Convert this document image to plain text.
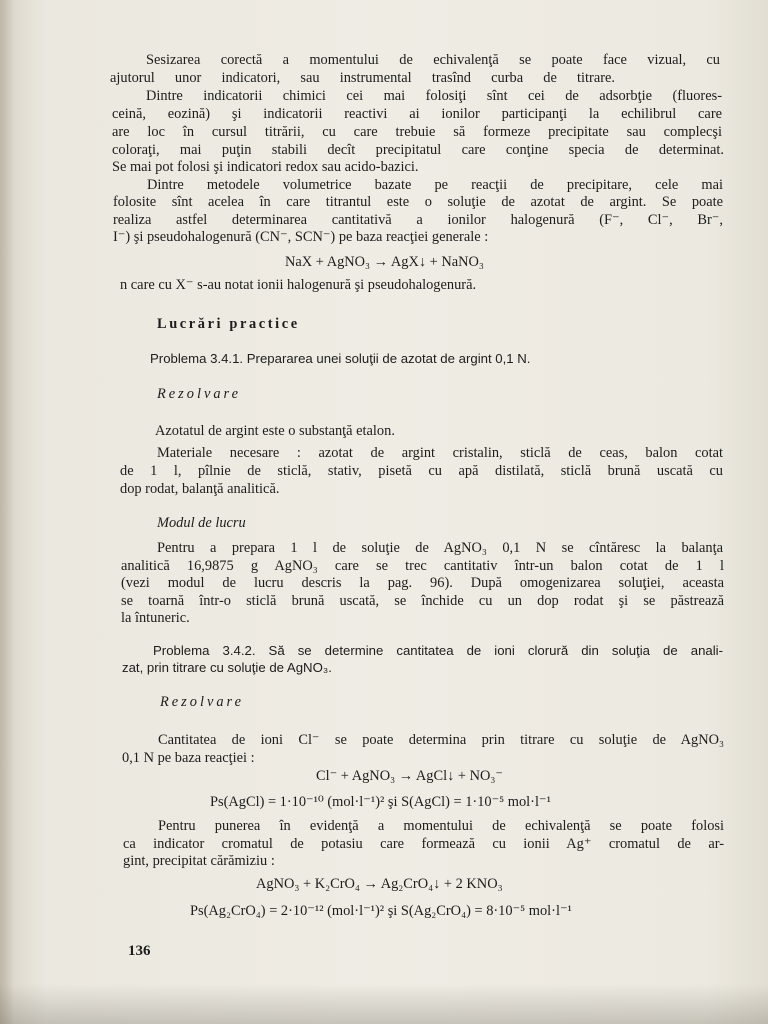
Sesizarea corectă a momentului de echivalenţă se poate face vizual, cu
ajutorul unor indicatori, sau instrumental trasînd curba de titrare.
Dintre indicatorii chimici cei mai folosiţi sînt cei de adsorbţie (fluores-
ceină, eozină) şi indicatorii reactivi ai ionilor participanţi la echilibrul care
are loc în cursul titrării, cu care trebuie să formeze precipitate sau complecşi
coloraţi, mai puţin stabili decît precipitatul care conţine specia de determinat.
Se mai pot folosi şi indicatori redox sau acido-bazici.
Dintre metodele volumetrice bazate pe reacţii de precipitare, cele mai
folosite sînt acelea în care titrantul este o soluţie de azotat de argint. Se poate
realiza astfel determinarea cantitativă a ionilor halogenură (F⁻, Cl⁻, Br⁻,
I⁻) şi pseudohalogenură (CN⁻, SCN⁻) pe baza reacţiei generale :
NaX + AgNO₃ → AgX↓ + NaNO₃
n care cu X⁻ s-au notat ionii halogenură şi pseudohalogenură.
Lucrări practice
Problema 3.4.1. Prepararea unei soluţii de azotat de argint 0,1 N.
Rezolvare
Azotatul de argint este o substanţă etalon.
Materiale necesare : azotat de argint cristalin, sticlă de ceas, balon cotat
de 1 l, pîlnie de sticlă, stativ, pisetă cu apă distilată, sticlă brună uscată cu
dop rodat, balanţă analitică.
Modul de lucru
Pentru a prepara 1 l de soluţie de AgNO₃ 0,1 N se cîntăresc la balanţa
analitică 16,9875 g AgNO₃ care se trec cantitativ într-un balon cotat de 1 l
(vezi modul de lucru descris la pag. 96). După omogenizarea soluţiei, aceasta
se toarnă într-o sticlă brună uscată, se închide cu un dop rodat şi se păstrează
la întuneric.
Problema 3.4.2. Să se determine cantitatea de ioni clorură din soluţia de anali-
zat, prin titrare cu soluţie de AgNO₃.
Rezolvare
Cantitatea de ioni Cl⁻ se poate determina prin titrare cu soluţie de AgNO₃
0,1 N pe baza reacţiei :
Cl⁻ + AgNO₃ → AgCl↓ + NO₃⁻
Ps(AgCl) = 1·10⁻¹⁰ (mol·l⁻¹)² şi S(AgCl) = 1·10⁻⁵ mol·l⁻¹
Pentru punerea în evidenţă a momentului de echivalenţă se poate folosi
ca indicator cromatul de potasiu care formează cu ionii Ag⁺ cromatul de ar-
gint, precipitat cărămiziu :
AgNO₃ + K₂CrO₄ → Ag₂CrO₄↓ + 2 KNO₃
Ps(Ag₂CrO₄) = 2·10⁻¹² (mol·l⁻¹)² şi S(Ag₂CrO₄) = 8·10⁻⁵ mol·l⁻¹
136
